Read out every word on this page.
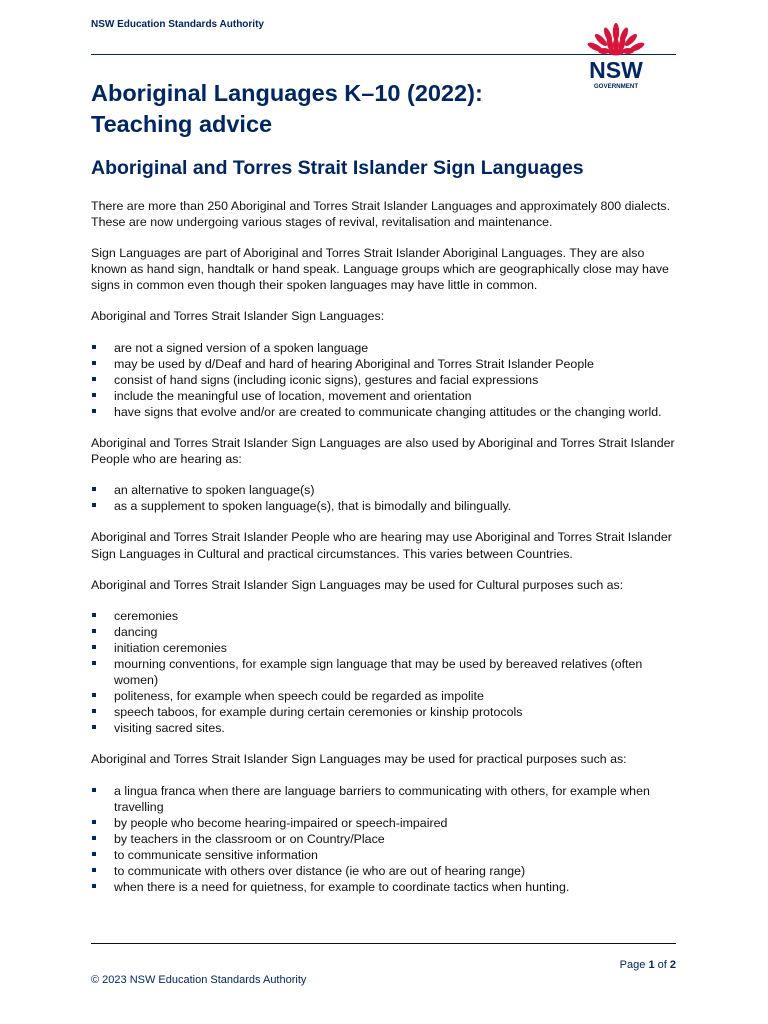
NSW Education Standards Authority
NSW
GOVERNMENT
Aboriginal Languages K–10 (2022): Teaching advice
Aboriginal and Torres Strait Islander Sign Languages

There are more than 250 Aboriginal and Torres Strait Islander Languages and approximately 800 dialects. These are now undergoing various stages of revival, revitalisation and maintenance.

Sign Languages are part of Aboriginal and Torres Strait Islander Aboriginal Languages. They are also known as hand sign, handtalk or hand speak. Language groups which are geographically close may have signs in common even though their spoken languages may have little in common.

Aboriginal and Torres Strait Islander Sign Languages:

are not a signed version of a spoken language
may be used by d/Deaf and hard of hearing Aboriginal and Torres Strait Islander People
consist of hand signs (including iconic signs), gestures and facial expressions
include the meaningful use of location, movement and orientation
have signs that evolve and/or are created to communicate changing attitudes or the changing world.

Aboriginal and Torres Strait Islander Sign Languages are also used by Aboriginal and Torres Strait Islander People who are hearing as:

an alternative to spoken language(s)
as a supplement to spoken language(s), that is bimodally and bilingually.

Aboriginal and Torres Strait Islander People who are hearing may use Aboriginal and Torres Strait Islander Sign Languages in Cultural and practical circumstances. This varies between Countries.

Aboriginal and Torres Strait Islander Sign Languages may be used for Cultural purposes such as:

ceremonies
dancing
initiation ceremonies
mourning conventions, for example sign language that may be used by bereaved relatives (often women)
politeness, for example when speech could be regarded as impolite
speech taboos, for example during certain ceremonies or kinship protocols
visiting sacred sites.

Aboriginal and Torres Strait Islander Sign Languages may be used for practical purposes such as:

a lingua franca when there are language barriers to communicating with others, for example when travelling
by people who become hearing-impaired or speech-impaired
by teachers in the classroom or on Country/Place
to communicate sensitive information
to communicate with others over distance (ie who are out of hearing range)
when there is a need for quietness, for example to coordinate tactics when hunting.
Page 1 of 2
© 2023 NSW Education Standards Authority
